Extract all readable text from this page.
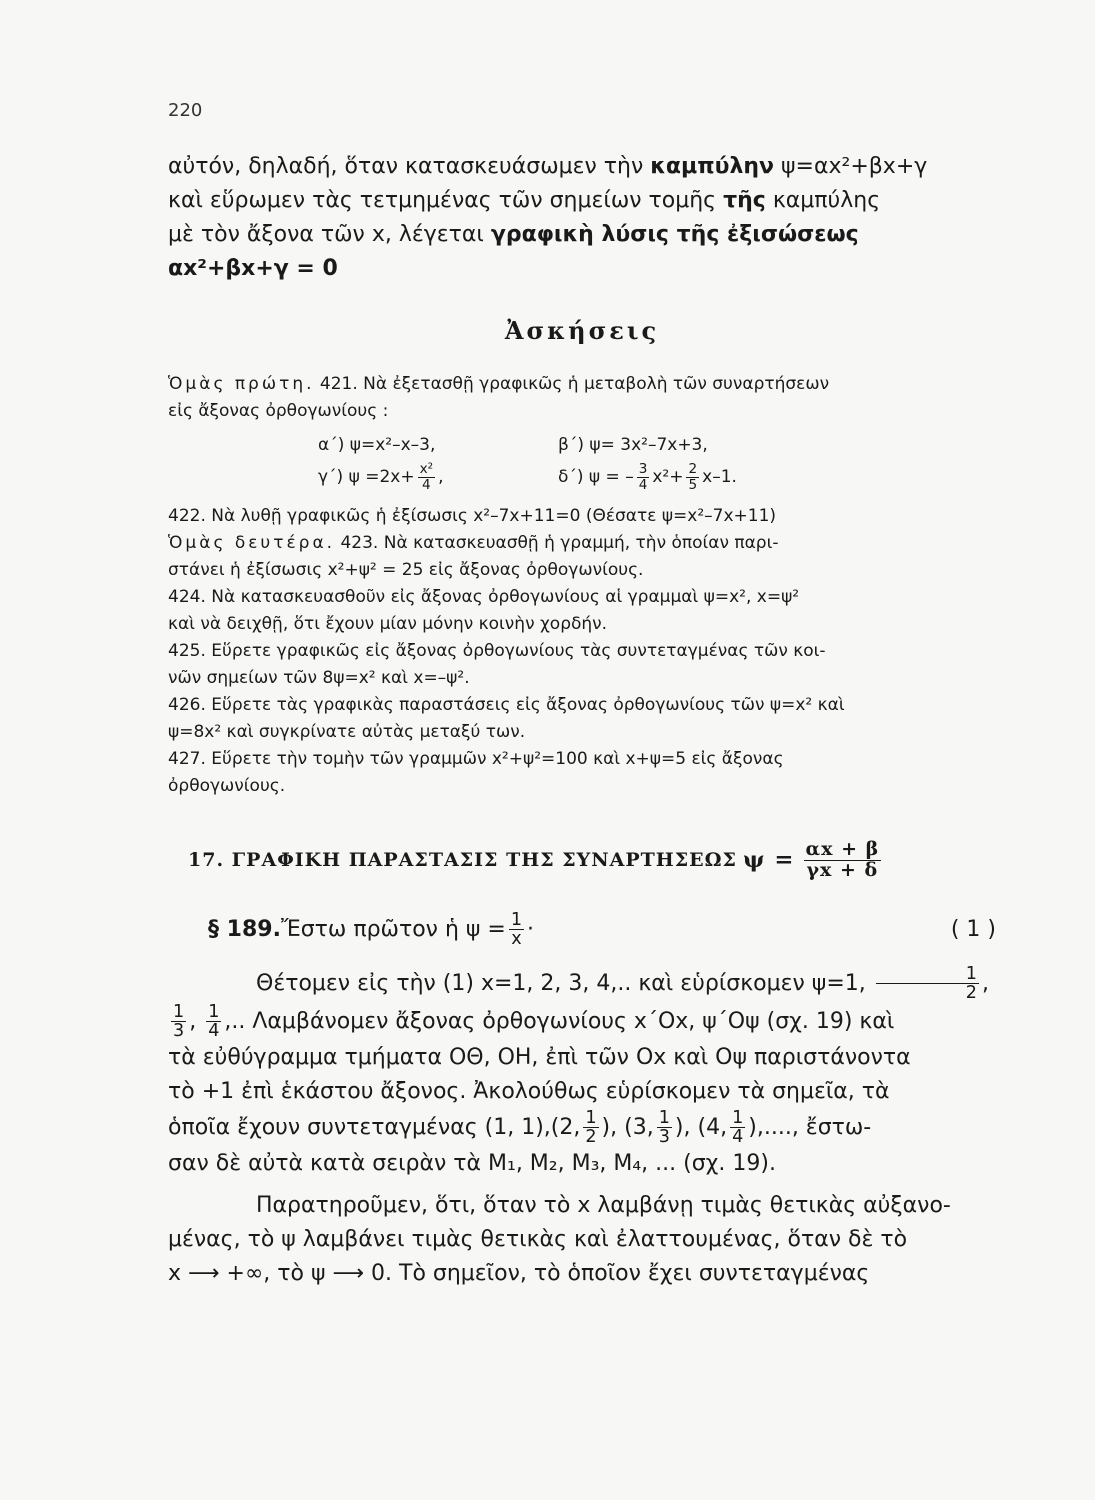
220

αὐτόν, δηλαδή, ὅταν κατασκευάσωμεν τὴν καμπύλην ψ=αx²+βx+γ

καὶ εὕρωμεν τὰς τετμημένας τῶν σημείων τομῆς τῆς καμπύλης

μὲ τὸν ἄξονα τῶν x, λέγεται γραφικὴ λύσις τῆς ἐξισώσεως

αx²+βx+γ = 0

Ἀσκήσεις

Ὁμὰς πρώτη. 421. Νὰ ἐξετασθῇ γραφικῶς ἡ μεταβολὴ τῶν συναρτήσεων

εἰς ἄξονας ὀρθογωνίους :

α΄) ψ=x²–x–3,	β΄) ψ= 3x²–7x+3,
γ΄) $\psi =2x+ \frac{\text{x²}}{4}$ ,	δ΄) ψ = – $\frac{3}{4} x^2+ \frac{2}{5} x-1$.

422. Νὰ λυθῇ γραφικῶς ἡ ἐξίσωσις x²–7x+11=0 (Θέσατε ψ=x²–7x+11)

Ὁμὰς δευτέρα. 423. Νὰ κατασκευασθῇ ἡ γραμμή, τὴν ὁποίαν παρι-

στάνει ἡ ἐξίσωσις x²+ψ² = 25 εἰς ἄξονας ὀρθογωνίους.

424. Νὰ κατασκευασθοῦν εἰς ἄξονας ὀρθογωνίους αἱ γραμμαὶ ψ=x², x=ψ²

καὶ νὰ δειχθῇ, ὅτι ἔχουν μίαν μόνην κοινὴν χορδήν.

425. Εὕρετε γραφικῶς εἰς ἄξονας ὀρθογωνίους τὰς συντεταγμένας τῶν κοι-

νῶν σημείων τῶν 8ψ=x² καὶ x=–ψ².

426. Εὕρετε τὰς γραφικὰς παραστάσεις εἰς ἄξονας ὀρθογωνίους τῶν ψ=x² καὶ

ψ=8x² καὶ συγκρίνατε αὐτὰς μεταξύ των.

427. Εὕρετε τὴν τομὴν τῶν γραμμῶν x²+ψ²=100 καὶ x+ψ=5 εἰς ἄξονας

ὀρθογωνίους.

17. ΓΡΑΦΙΚΗ ΠΑΡΑΣΤΑΣΙΣ ΤΗΣ ΣΥΝΑΡΤΗΣΕΩΣ $\psi = \frac{\alpha x + \beta}{\gamma x + \delta}$
§ 189. Ἔστω πρῶτον ἡ $\psi = \frac{1}{x}$ ·	( 1 )

Θέτομεν εἰς τὴν (1) x=1, 2, 3, 4,.. καὶ εὑρίσκομεν ψ=1, $\frac{1}{2}$ ,

$\frac{1}{3}$ , $\frac{1}{4}$ ,.. Λαμβάνομεν ἄξονας ὀρθογωνίους x΄Ox, ψ΄Oψ (σχ. 19) καὶ

τὰ εὐθύγραμμα τμήματα ΟΘ, ΟΗ, ἐπὶ τῶν Ox καὶ Oψ παριστάνοντα

τὸ +1 ἐπὶ ἑκάστου ἄξονος. Ἀκολούθως εὑρίσκομεν τὰ σημεῖα, τὰ

ὁποῖα ἔχουν συντεταγμένας (1, 1),(2, $\frac{1}{2}$ ), (3, $\frac{1}{3}$ ), (4, $\frac{1}{4}$ ),...., ἔστω-

σαν δὲ αὐτὰ κατὰ σειρὰν τὰ M₁, M₂, M₃, M₄, ... (σχ. 19).

Παρατηροῦμεν, ὅτι, ὅταν τὸ x λαμβάνῃ τιμὰς θετικὰς αὐξανο-

μένας, τὸ ψ λαμβάνει τιμὰς θετικὰς καὶ ἐλαττουμένας, ὅταν δὲ τὸ

x ⟶ +∞, τὸ ψ ⟶ 0. Τὸ σημεῖον, τὸ ὁποῖον ἔχει συντεταγμένας
